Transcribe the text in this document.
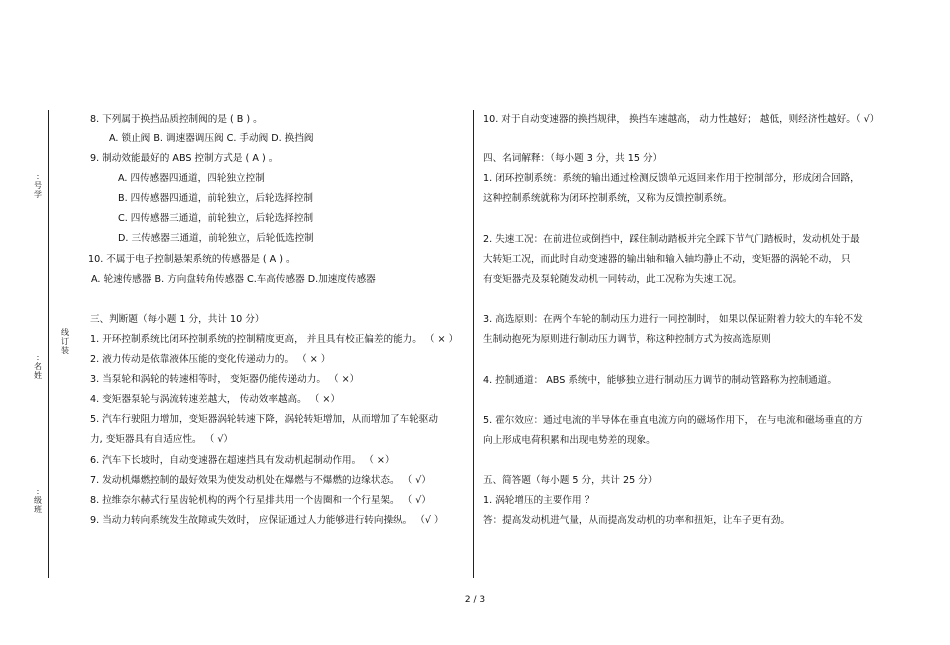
:
号
学
:
名
姓
:
级
班
线
订
装
8. 下列属于换挡品质控制阀的是 ( B ) 。
A. 锁止阀 B. 调速器调压阀 C. 手动阀 D. 换挡阀
9. 制动效能最好的 ABS 控制方式是 ( A ) 。
A. 四传感器四通道，四轮独立控制
B. 四传感器四通道，前轮独立，后轮选择控制
C. 四传感器三通道，前轮独立，后轮选择控制
D. 三传感器三通道，前轮独立，后轮低选控制
10. 不属于电子控制悬架系统的传感器是 ( A ) 。
A. 轮速传感器 B. 方向盘转角传感器 C.车高传感器 D.加速度传感器
三、判断题（每小题 1 分，共计 10 分）
1. 开环控制系统比闭环控制系统的控制精度更高， 并且具有校正偏差的能力。 （ × ）
2. 液力传动是依靠液体压能的变化传递动力的。 （ × ）
3. 当泵轮和涡轮的转速相等时， 变矩器仍能传递动力。 （ ×）
4. 变矩器泵轮与涡流转速差越大， 传动效率越高。 （ ×）
5. 汽车行驶阻力增加，变矩器涡轮转速下降，涡轮转矩增加，从而增加了车轮驱动
力, 变矩器具有自适应性。 （ √）
6. 汽车下长坡时，自动变速器在超速挡具有发动机起制动作用。 （ ×）
7. 发动机爆燃控制的最好效果为使发动机处在爆燃与不爆燃的边缘状态。 （ √）
8. 拉维奈尔赫式行星齿轮机构的两个行星排共用一个齿圈和一个行星架。 （ √）
9. 当动力转向系统发生故障或失效时， 应保证通过人力能够进行转向操纵。 （√ ）
10. 对于自动变速器的换挡规律， 换挡车速越高， 动力性越好； 越低，则经济性越好。（ √）
四、名词解释：（每小题 3 分，共 15 分）
1. 闭环控制系统：系统的输出通过检测反馈单元返回来作用于控制部分，形成闭合回路，
这种控制系统就称为闭环控制系统，又称为反馈控制系统。
2. 失速工况：在前进位或倒挡中，踩住制动踏板并完全踩下节气门踏板时，发动机处于最
大转矩工况，而此时自动变速器的输出轴和输入轴均静止不动，变矩器的涡轮不动， 只
有变矩器壳及泵轮随发动机一同转动，此工况称为失速工况。
3. 高选原则：在两个车轮的制动压力进行一同控制时， 如果以保证附着力较大的车轮不发
生制动抱死为原则进行制动压力调节，称这种控制方式为按高选原则
4. 控制通道： ABS 系统中，能够独立进行制动压力调节的制动管路称为控制通道。
5. 霍尔效应：通过电流的半导体在垂直电流方向的磁场作用下， 在与电流和磁场垂直的方
向上形成电荷积累和出现电势差的现象。
五、简答题（每小题 5 分，共计 25 分）
1. 涡轮增压的主要作用 ？
答：提高发动机进气量，从而提高发动机的功率和扭矩，让车子更有劲。
2 / 3
